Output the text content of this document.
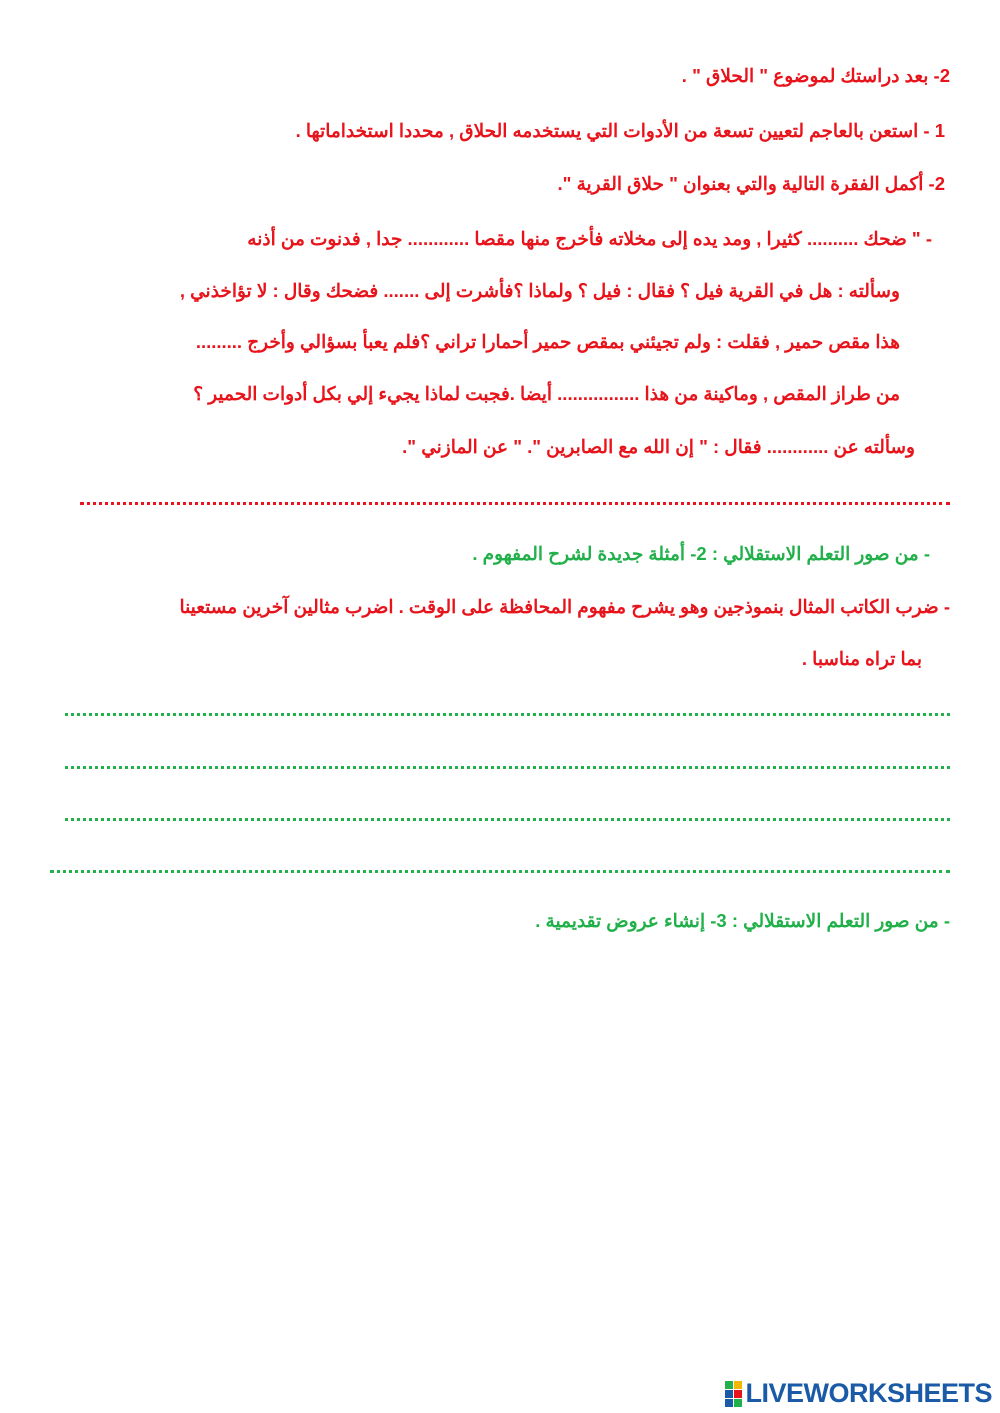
2- بعد دراستك لموضوع " الحلاق " .
1 - استعن بالعاجم لتعيين تسعة من الأدوات التي يستخدمه الحلاق , محددا استخداماتها .
2- أكمل الفقرة التالية والتي بعنوان " حلاق القرية ".
- " ضحك .......... كثيرا , ومد يده إلى مخلاته فأخرج منها مقصا ............ جدا , فدنوت من أذنه
وسألته : هل في القرية فيل ؟ فقال : فيل ؟ ولماذا ؟فأشرت إلى ....... فضحك وقال : لا تؤاخذني ,
هذا مقص حمير , فقلت : ولم تجيئني بمقص حمير أحمارا تراني ؟فلم يعبأ بسؤالي وأخرج .........
من طراز المقص , وماكينة من هذا ................ أيضا .فجبت لماذا يجيء إلي بكل أدوات الحمير ؟
وسألته عن ............ فقال : " إن الله مع الصابرين ". " عن المازني ".
- من صور التعلم الاستقلالي : 2- أمثلة جديدة لشرح المفهوم .
- ضرب الكاتب المثال بنموذجين وهو يشرح مفهوم المحافظة على الوقت . اضرب مثالين آخرين مستعينا
بما تراه مناسبا .
- من صور التعلم الاستقلالي : 3- إنشاء عروض تقديمية .
LIVEWORKSHEETS
